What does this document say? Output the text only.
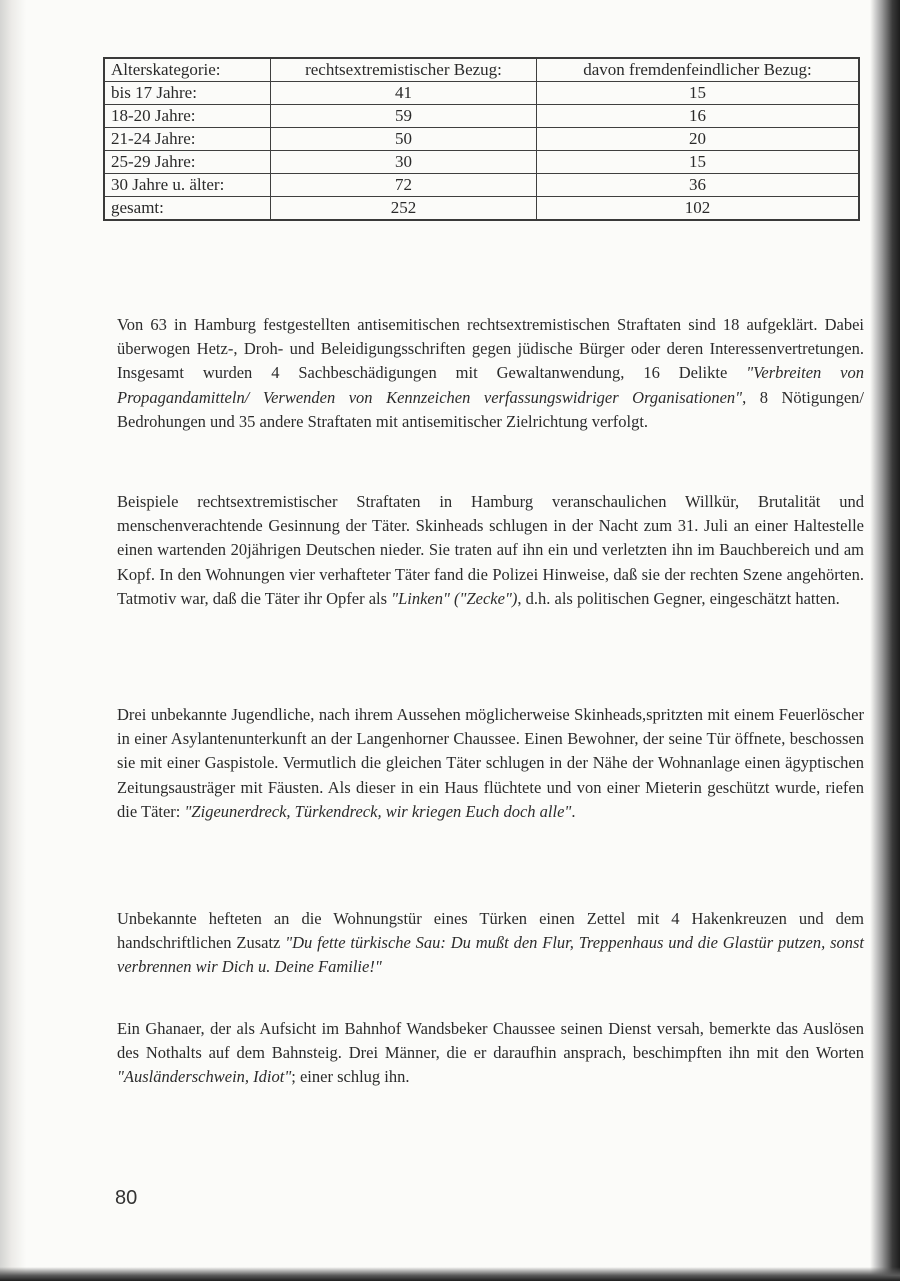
Alterskategorie:	rechtsextremistischer Bezug:	davon fremdenfeindlicher Bezug:
bis 17 Jahre:	41	15
18-20 Jahre:	59	16
21-24 Jahre:	50	20
25-29 Jahre:	30	15
30 Jahre u. älter:	72	36
gesamt:	252	102

Von 63 in Hamburg festgestellten antisemitischen rechtsextremistischen Straftaten sind 18 aufgeklärt. Dabei überwogen Hetz-, Droh- und Beleidigungsschriften gegen jüdische Bürger oder deren Interessenvertretungen. Insgesamt wurden 4 Sachbeschädigungen mit Gewaltanwendung, 16 Delikte "Verbreiten von Propagandamitteln/ Verwenden von Kennzeichen verfassungswidriger Organisationen", 8 Nötigungen/ Bedrohungen und 35 andere Straftaten mit antisemitischer Zielrichtung verfolgt.

Beispiele rechtsextremistischer Straftaten in Hamburg veranschaulichen Willkür, Brutalität und menschenverachtende Gesinnung der Täter. Skinheads schlugen in der Nacht zum 31. Juli an einer Haltestelle einen wartenden 20jährigen Deutschen nieder. Sie traten auf ihn ein und verletzten ihn im Bauchbereich und am Kopf. In den Wohnungen vier verhafteter Täter fand die Polizei Hinweise, daß sie der rechten Szene angehörten. Tatmotiv war, daß die Täter ihr Opfer als "Linken" ("Zecke"), d.h. als politischen Gegner, eingeschätzt hatten.

Drei unbekannte Jugendliche, nach ihrem Aussehen möglicherweise Skinheads,spritzten mit einem Feuerlöscher in einer Asylantenunterkunft an der Langenhorner Chaussee. Einen Bewohner, der seine Tür öffnete, beschossen sie mit einer Gaspistole. Vermutlich die gleichen Täter schlugen in der Nähe der Wohnanlage einen ägyptischen Zeitungsausträger mit Fäusten. Als dieser in ein Haus flüchtete und von einer Mieterin geschützt wurde, riefen die Täter: "Zigeunerdreck, Türkendreck, wir kriegen Euch doch alle".

Unbekannte hefteten an die Wohnungstür eines Türken einen Zettel mit 4 Hakenkreuzen und dem handschriftlichen Zusatz "Du fette türkische Sau: Du mußt den Flur, Treppenhaus und die Glastür putzen, sonst verbrennen wir Dich u. Deine Familie!"

Ein Ghanaer, der als Aufsicht im Bahnhof Wandsbeker Chaussee seinen Dienst versah, bemerkte das Auslösen des Nothalts auf dem Bahnsteig. Drei Männer, die er daraufhin ansprach, beschimpften ihn mit den Worten "Ausländerschwein, Idiot"; einer schlug ihn.

80
